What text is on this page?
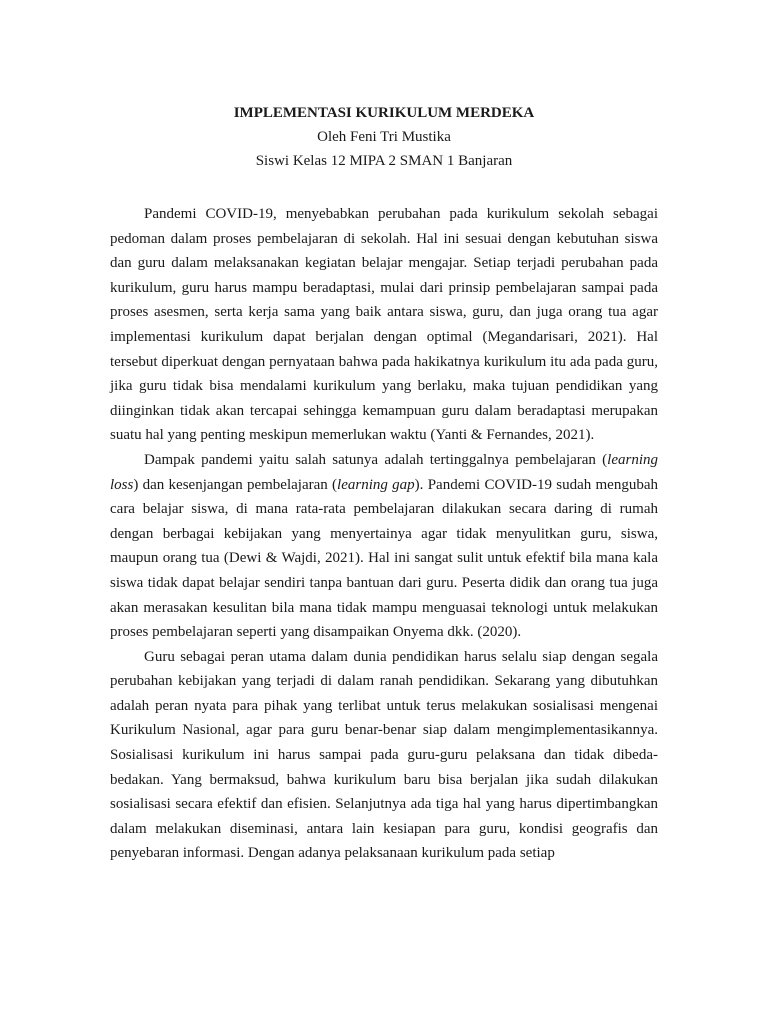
IMPLEMENTASI KURIKULUM MERDEKA
Oleh Feni Tri Mustika
Siswi Kelas 12 MIPA 2 SMAN 1 Banjaran

Pandemi COVID-19, menyebabkan perubahan pada kurikulum sekolah sebagai pedoman dalam proses pembelajaran di sekolah. Hal ini sesuai dengan kebutuhan siswa dan guru dalam melaksanakan kegiatan belajar mengajar. Setiap terjadi perubahan pada kurikulum, guru harus mampu beradaptasi, mulai dari prinsip pembelajaran sampai pada proses asesmen, serta kerja sama yang baik antara siswa, guru, dan juga orang tua agar implementasi kurikulum dapat berjalan dengan optimal (Megandarisari, 2021). Hal tersebut diperkuat dengan pernyataan bahwa pada hakikatnya kurikulum itu ada pada guru, jika guru tidak bisa mendalami kurikulum yang berlaku, maka tujuan pendidikan yang diinginkan tidak akan tercapai sehingga kemampuan guru dalam beradaptasi merupakan suatu hal yang penting meskipun memerlukan waktu (Yanti & Fernandes, 2021).

Dampak pandemi yaitu salah satunya adalah tertinggalnya pembelajaran (learning loss) dan kesenjangan pembelajaran (learning gap). Pandemi COVID-19 sudah mengubah cara belajar siswa, di mana rata-rata pembelajaran dilakukan secara daring di rumah dengan berbagai kebijakan yang menyertainya agar tidak menyulitkan guru, siswa, maupun orang tua (Dewi & Wajdi, 2021). Hal ini sangat sulit untuk efektif bila mana kala siswa tidak dapat belajar sendiri tanpa bantuan dari guru. Peserta didik dan orang tua juga akan merasakan kesulitan bila mana tidak mampu menguasai teknologi untuk melakukan proses pembelajaran seperti yang disampaikan Onyema dkk. (2020).

Guru sebagai peran utama dalam dunia pendidikan harus selalu siap dengan segala perubahan kebijakan yang terjadi di dalam ranah pendidikan. Sekarang yang dibutuhkan adalah peran nyata para pihak yang terlibat untuk terus melakukan sosialisasi mengenai Kurikulum Nasional, agar para guru benar-benar siap dalam mengimplementasikannya. Sosialisasi kurikulum ini harus sampai pada guru-guru pelaksana dan tidak dibeda-bedakan. Yang bermaksud, bahwa kurikulum baru bisa berjalan jika sudah dilakukan sosialisasi secara efektif dan efisien. Selanjutnya ada tiga hal yang harus dipertimbangkan dalam melakukan diseminasi, antara lain kesiapan para guru, kondisi geografis dan penyebaran informasi. Dengan adanya pelaksanaan kurikulum pada setiap
